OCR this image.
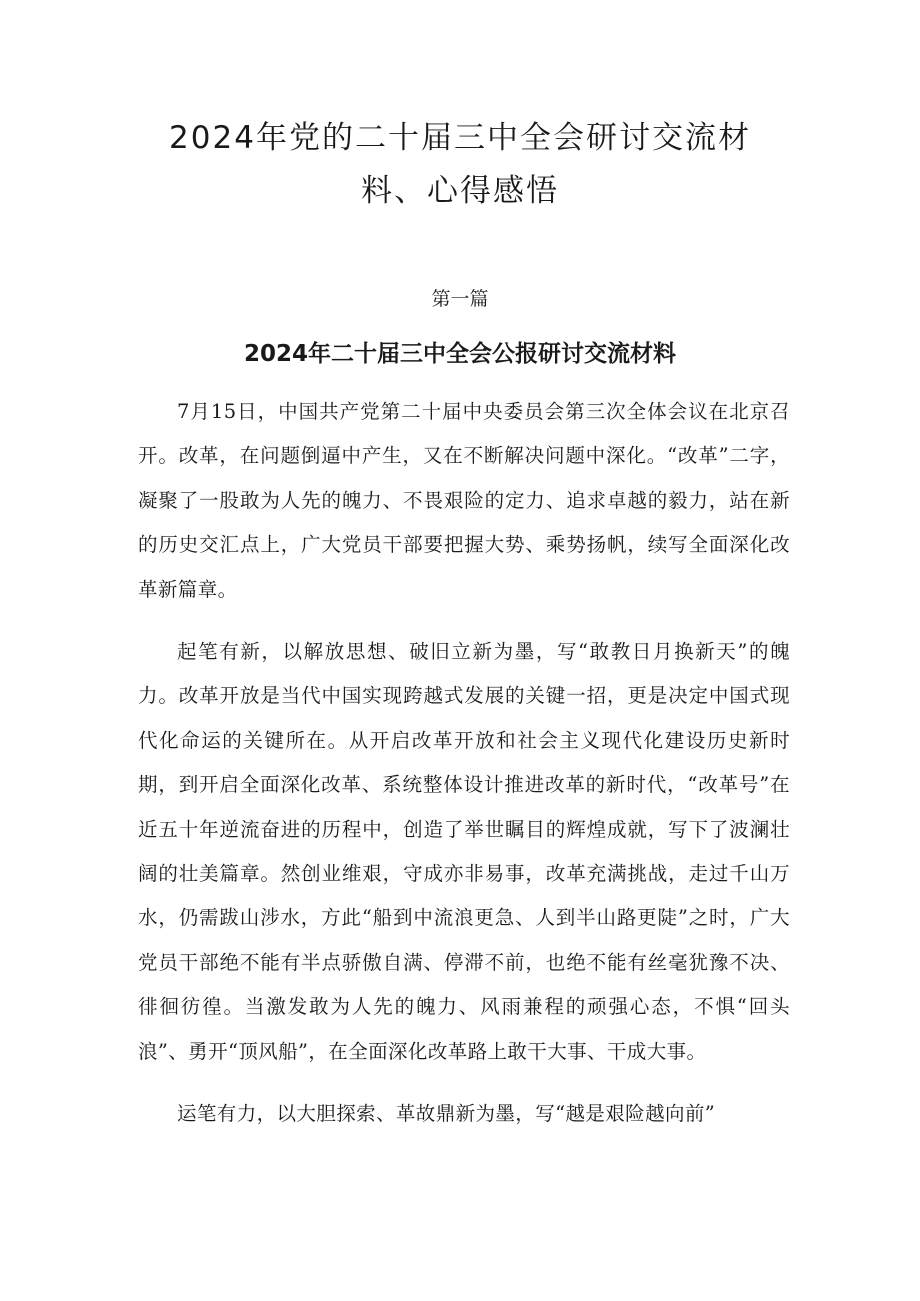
2024年党的二十届三中全会研讨交流材料、心得感悟
第一篇
2024年二十届三中全会公报研讨交流材料

7月15日，中国共产党第二十届中央委员会第三次全体会议在北京召开。改革，在问题倒逼中产生，又在不断解决问题中深化。“改革”二字，凝聚了一股敢为人先的魄力、不畏艰险的定力、追求卓越的毅力，站在新的历史交汇点上，广大党员干部要把握大势、乘势扬帆，续写全面深化改革新篇章。

起笔有新，以解放思想、破旧立新为墨，写“敢教日月换新天”的魄力。改革开放是当代中国实现跨越式发展的关键一招，更是决定中国式现代化命运的关键所在。从开启改革开放和社会主义现代化建设历史新时期，到开启全面深化改革、系统整体设计推进改革的新时代，“改革号”在近五十年逆流奋进的历程中，创造了举世瞩目的辉煌成就，写下了波澜壮阔的壮美篇章。然创业维艰，守成亦非易事，改革充满挑战，走过千山万水，仍需跋山涉水，方此“船到中流浪更急、人到半山路更陡”之时，广大党员干部绝不能有半点骄傲自满、停滞不前，也绝不能有丝毫犹豫不决、徘徊彷徨。当激发敢为人先的魄力、风雨兼程的顽强心态，不惧“回头浪”、勇开“顶风船”，在全面深化改革路上敢干大事、干成大事。

运笔有力，以大胆探索、革故鼎新为墨，写“越是艰险越向前”
